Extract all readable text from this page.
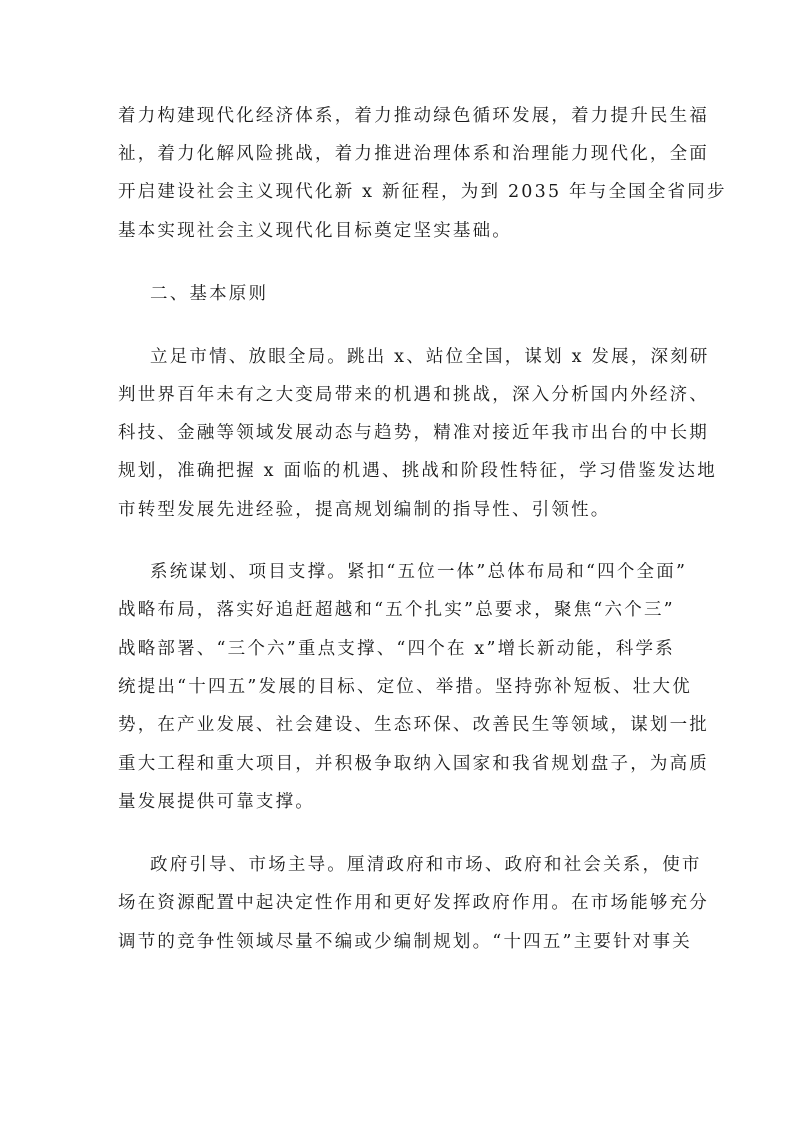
着力构建现代化经济体系，着力推动绿色循环发展，着力提升民生福
祉，着力化解风险挑战，着力推进治理体系和治理能力现代化，全面
开启建设社会主义现代化新 x 新征程，为到 2035 年与全国全省同步
基本实现社会主义现代化目标奠定坚实基础。
二、基本原则
立足市情、放眼全局。跳出 x、站位全国，谋划 x 发展，深刻研
判世界百年未有之大变局带来的机遇和挑战，深入分析国内外经济、
科技、金融等领域发展动态与趋势，精准对接近年我市出台的中长期
规划，准确把握 x 面临的机遇、挑战和阶段性特征，学习借鉴发达地
市转型发展先进经验，提高规划编制的指导性、引领性。
系统谋划、项目支撑。紧扣“五位一体”总体布局和“四个全面”
战略布局，落实好追赶超越和“五个扎实”总要求，聚焦“六个三”
战略部署、“三个六”重点支撑、“四个在 x”增长新动能，科学系
统提出“十四五”发展的目标、定位、举措。坚持弥补短板、壮大优
势，在产业发展、社会建设、生态环保、改善民生等领域，谋划一批
重大工程和重大项目，并积极争取纳入国家和我省规划盘子，为高质
量发展提供可靠支撑。
政府引导、市场主导。厘清政府和市场、政府和社会关系，使市
场在资源配置中起决定性作用和更好发挥政府作用。在市场能够充分
调节的竞争性领域尽量不编或少编制规划。“十四五”主要针对事关
